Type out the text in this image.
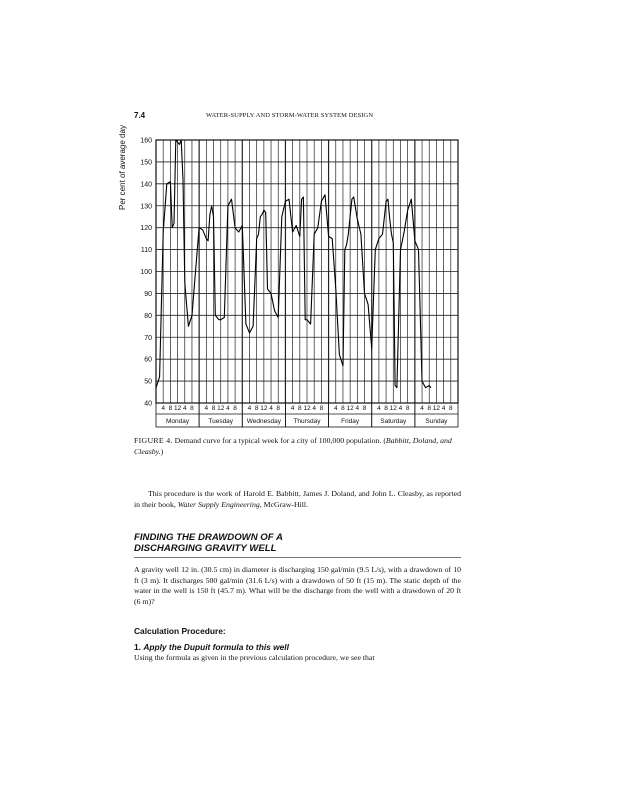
7.4	WATER-SUPPLY AND STORM-WATER SYSTEM DESIGN
40
50
60
70
80
90
100
110
120
130
140
150
160
4 8 12 4 8
Monday
4 8 12 4 8
Tuesday
4 8 12 4 8
Wednesday
4 8 12 4 8
Thursday
4 8 12 4 8
Friday
4 8 12 4 8
Saturday
4 8 12 4 8
Sunday
Per cent of average day
FIGURE 4. Demand curve for a typical week for a city of 100,000 population. (Babbitt, Doland, and Cleasby.)
This procedure is the work of Harold E. Babbitt, James J. Doland, and John L. Cleasby, as reported in their book, Water Supply Engineering, McGraw-Hill.
FINDING THE DRAWDOWN OF A
DISCHARGING GRAVITY WELL
A gravity well 12 in. (30.5 cm) in diameter is discharging 150 gal/min (9.5 L/s), with a drawdown of 10 ft (3 m). It discharges 500 gal/min (31.6 L/s) with a drawdown of 50 ft (15 m). The static depth of the water in the well is 150 ft (45.7 m). What will be the discharge from the well with a drawdown of 20 ft (6 m)?
Calculation Procedure:
1. Apply the Dupuit formula to this well
Using the formula as given in the previous calculation procedure, we see that
